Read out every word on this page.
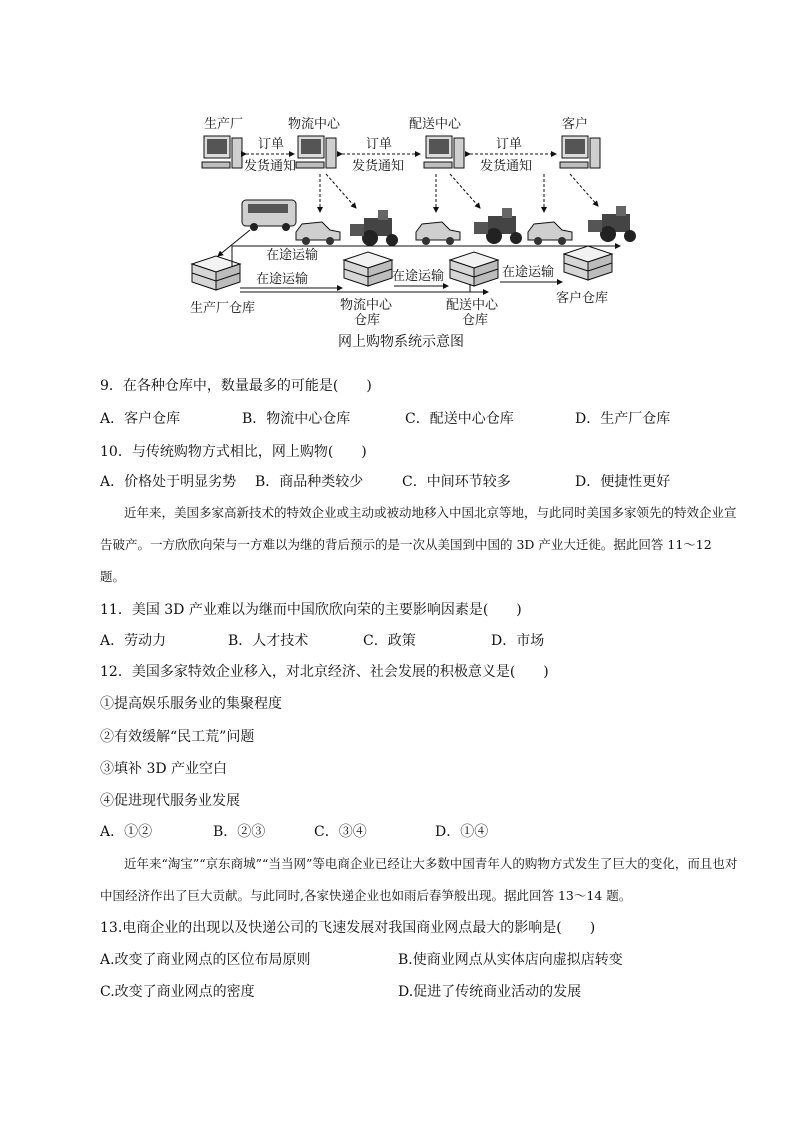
生产厂	物流中心	配送中心	客户
订单
发货通知
订单
发货通知
订单
发货通知
在途运输
在途运输	在途运输	在途运输
生产厂仓库	物流中心
仓库
配送中心
仓库
客户仓库
网上购物系统示意图
9．在各种仓库中，数量最多的可能是(　　)
A．客户仓库	B．物流中心仓库	C．配送中心仓库	D．生产厂仓库
10．与传统购物方式相比，网上购物(　　)
A．价格处于明显劣势 B．商品种类较少	C．中间环节较多	D．便捷性更好
近年来，美国多家高新技术的特效企业或主动或被动地移入中国北京等地，与此同时美国多家领先的特效企业宣告破产。一方欣欣向荣与一方难以为继的背后预示的是一次从美国到中国的 3D 产业大迁徙。据此回答 11～12 题。
11．美国 3D 产业难以为继而中国欣欣向荣的主要影响因素是(　　)
A．劳动力	B．人才技术	C．政策	D．市场
12．美国多家特效企业移入，对北京经济、社会发展的积极意义是(　　)
①提高娱乐服务业的集聚程度
②有效缓解“民工荒”问题
③填补 3D 产业空白
④促进现代服务业发展
A．①②	B．②③	C．③④	D．①④
近年来“淘宝”“京东商城”“当当网”等电商企业已经让大多数中国青年人的购物方式发生了巨大的变化，而且也对中国经济作出了巨大贡献。与此同时,各家快递企业也如雨后春笋般出现。据此回答 13～14 题。
13.电商企业的出现以及快递公司的飞速发展对我国商业网点最大的影响是(　　)
A.改变了商业网点的区位布局原则	B.使商业网点从实体店向虚拟店转变
C.改变了商业网点的密度	D.促进了传统商业活动的发展
